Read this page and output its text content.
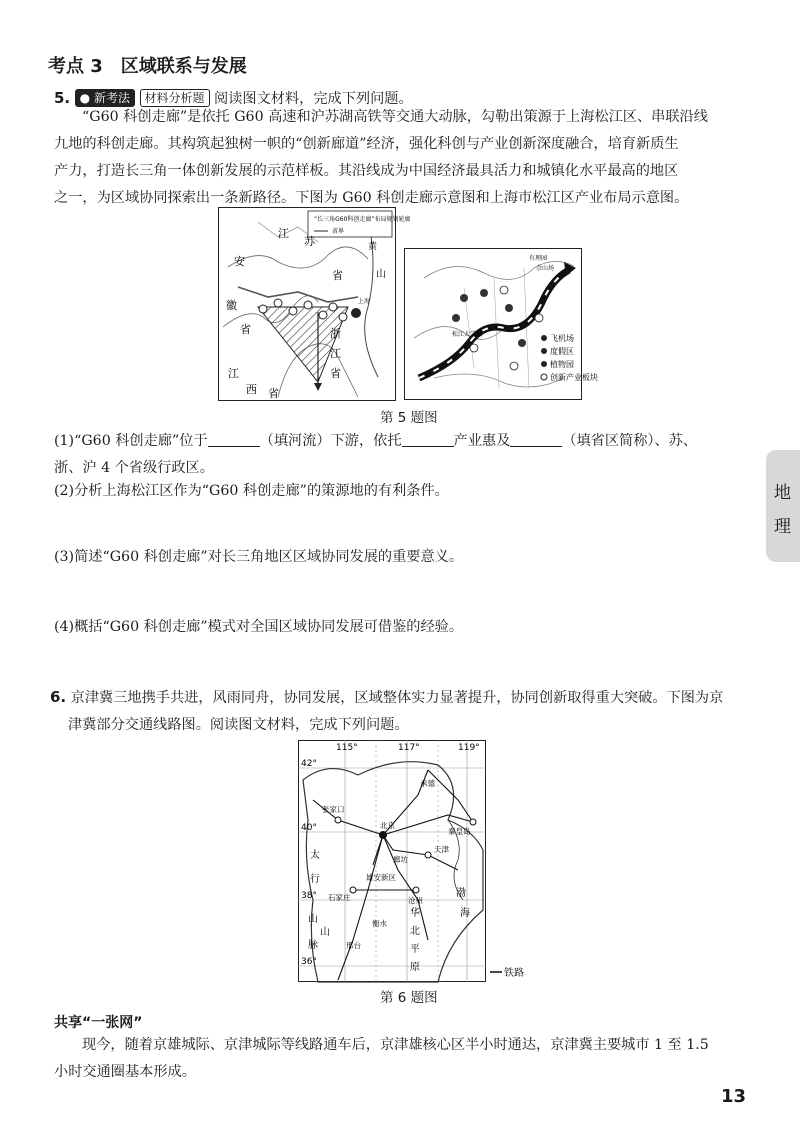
考点 3 区域联系与发展
5. ● 新考法 材料分析题 阅读图文材料，完成下列问题。
“G60 科创走廊”是依托 G60 高速和沪苏湖高铁等交通大动脉，勾勒出策源于上海松江区、串联沿线
九地的科创走廊。其构筑起独树一帜的“创新廊道”经济，强化科创与产业创新深度融合，培育新质生
产力，打造长三角一体创新发展的示范样板。其沿线成为中国经济最具活力和城镇化水平最高的地区
之一，为区域协同探索出一条新路径。下图为 G60 科创走廊示意图和上海市松江区产业布局示意图。
“长三角G60科创走廊”布局规划轮廓
省界
江
苏
安
徽
省
浙
江
省
江
西 省
省
山
上海
黄
有理园
佘山场
松江大学城	飞机场
度假区
植物园
创新产业板块
第 5 题图
(1)“G60 科创走廊”位于	（填河流）下游，依托	产业惠及	（填省区简称）、苏、
浙、沪 4 个省级行政区。
(2)分析上海松江区作为“G60 科创走廊”的策源地的有利条件。
(3)简述“G60 科创走廊”对长三角地区区域协同发展的重要意义。
(4)概括“G60 科创走廊”模式对全国区域协同发展可借鉴的经验。
6. 京津冀三地携手共进，风雨同舟，协同发展，区域整体实力显著提升，协同创新取得重大突破。下图为京
津冀部分交通线路图。阅读图文材料，完成下列问题。
115°	117°	119°
42°
40°
38°
36°
张家口
北京
承德
秦皇岛
廊坊
雄安新区
天津
石家庄	沧州
邢台
衡水
太
行
山
脉
山
华
北
平
原
渤
海
铁路
第 6 题图
共享“一张网”
现今，随着京雄城际、京津城际等线路通车后，京津雄核心区半小时通达，京津冀主要城市 1 至 1.5
小时交通圈基本形成。
地
理
13
